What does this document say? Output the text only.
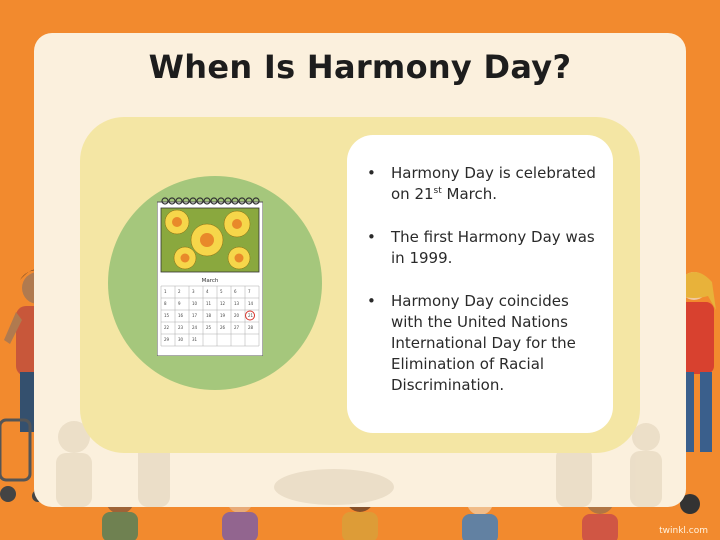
When Is Harmony Day?
March
1	2	3	4	5	6	7
8	9	10 11 12 13 14
15 16 17 18 19 20 21
22 23 24 25 26 27 28
29 30 31
• Harmony Day is celebrated on 21st March.
• The first Harmony Day was in 1999.
• Harmony Day coincides with the United Nations International Day for the Elimination of Racial Discrimination.
twinkl.com
